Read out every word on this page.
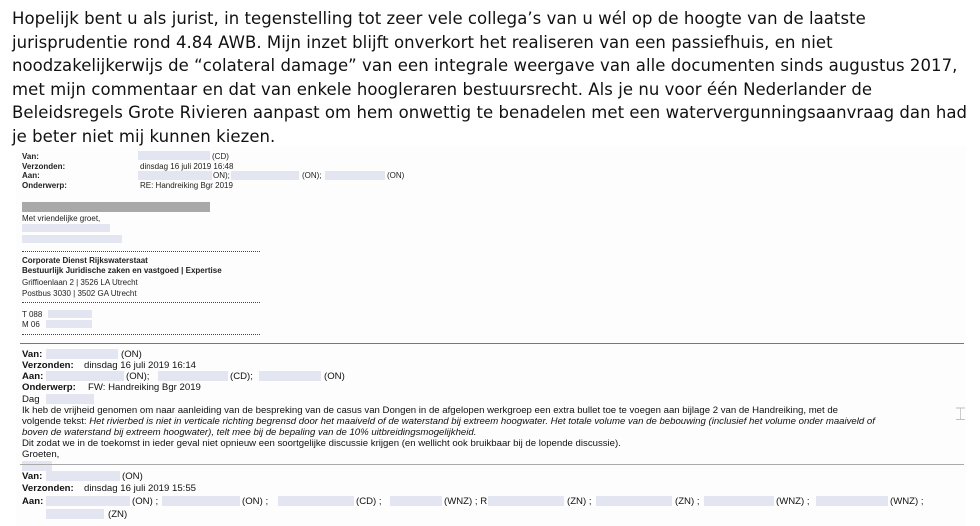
Hopelijk bent u als jurist, in tegenstelling tot zeer vele collega’s van u wél op de hoogte van de laatste jurisprudentie rond 4.84 AWB. Mijn inzet blijft onverkort het realiseren van een passiefhuis, en niet noodzakelijkerwijs de “colateral damage” van een integrale weergave van alle documenten sinds augustus 2017, met mijn commentaar en dat van enkele hoogleraren bestuursrecht. Als je nu voor één Nederlander de Beleidsregels Grote Rivieren aanpast om hem onwettig te benadelen met een watervergunningsaanvraag dan had je beter niet mij kunnen kiezen.
Van:	(CD)
Verzonden:	dinsdag 16 juli 2019 16:48
Aan:	ON);	(ON);	(ON)
Onderwerp:	RE: Handreiking Bgr 2019
Met vriendelijke groet,
Corporate Dienst Rijkswaterstaat
Bestuurlijk Juridische zaken en vastgoed | Expertise
Griffioenlaan 2 | 3526 LA Utrecht
Postbus 3030 | 3502 GA Utrecht
T 088
M 06
Van:	(ON)
Verzonden: dinsdag 16 juli 2019 16:14
Aan:	(ON);	(CD);	(ON)
Onderwerp: FW: Handreiking Bgr 2019
Dag
Ik heb de vrijheid genomen om naar aanleiding van de bespreking van de casus van Dongen in de afgelopen werkgroep een extra bullet toe te voegen aan bijlage 2 van de Handreiking, met de
volgende tekst: Het rivierbed is niet in verticale richting begrensd door het maaiveld of de waterstand bij extreem hoogwater. Het totale volume van de bebouwing (inclusief het volume onder maaiveld of
boven de waterstand bij extreem hoogwater), telt mee bij de bepaling van de 10% uitbreidingsmogelijkheid.
Dit zodat we in de toekomst in ieder geval niet opnieuw een soortgelijke discussie krijgen (en wellicht ook bruikbaar bij de lopende discussie).
Groeten,
Van:	(ON)
Verzonden: dinsdag 16 juli 2019 15:55
Aan:	(ON) ;	(ON) ;	(CD) ;	(WNZ) ; R	(ZN) ;	(ZN) ;	(WNZ) ;	(WNZ) ;
(ZN)
⌶
